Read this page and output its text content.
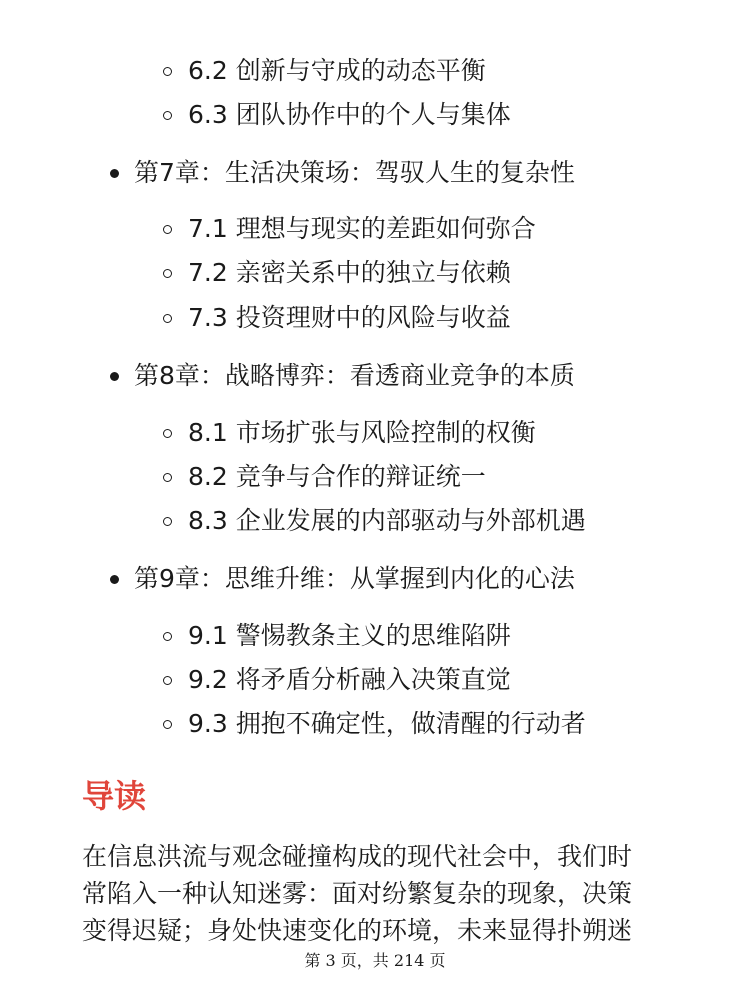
6.2 创新与守成的动态平衡
6.3 团队协作中的个人与集体
第7章：生活决策场：驾驭人生的复杂性
7.1 理想与现实的差距如何弥合
7.2 亲密关系中的独立与依赖
7.3 投资理财中的风险与收益
第8章：战略博弈：看透商业竞争的本质
8.1 市场扩张与风险控制的权衡
8.2 竞争与合作的辩证统一
8.3 企业发展的内部驱动与外部机遇
第9章：思维升维：从掌握到内化的心法
9.1 警惕教条主义的思维陷阱
9.2 将矛盾分析融入决策直觉
9.3 拥抱不确定性，做清醒的行动者
导读
在信息洪流与观念碰撞构成的现代社会中，我们时
常陷入一种认知迷雾：面对纷繁复杂的现象，决策
变得迟疑；身处快速变化的环境，未来显得扑朔迷
第 3 页，共 214 页
